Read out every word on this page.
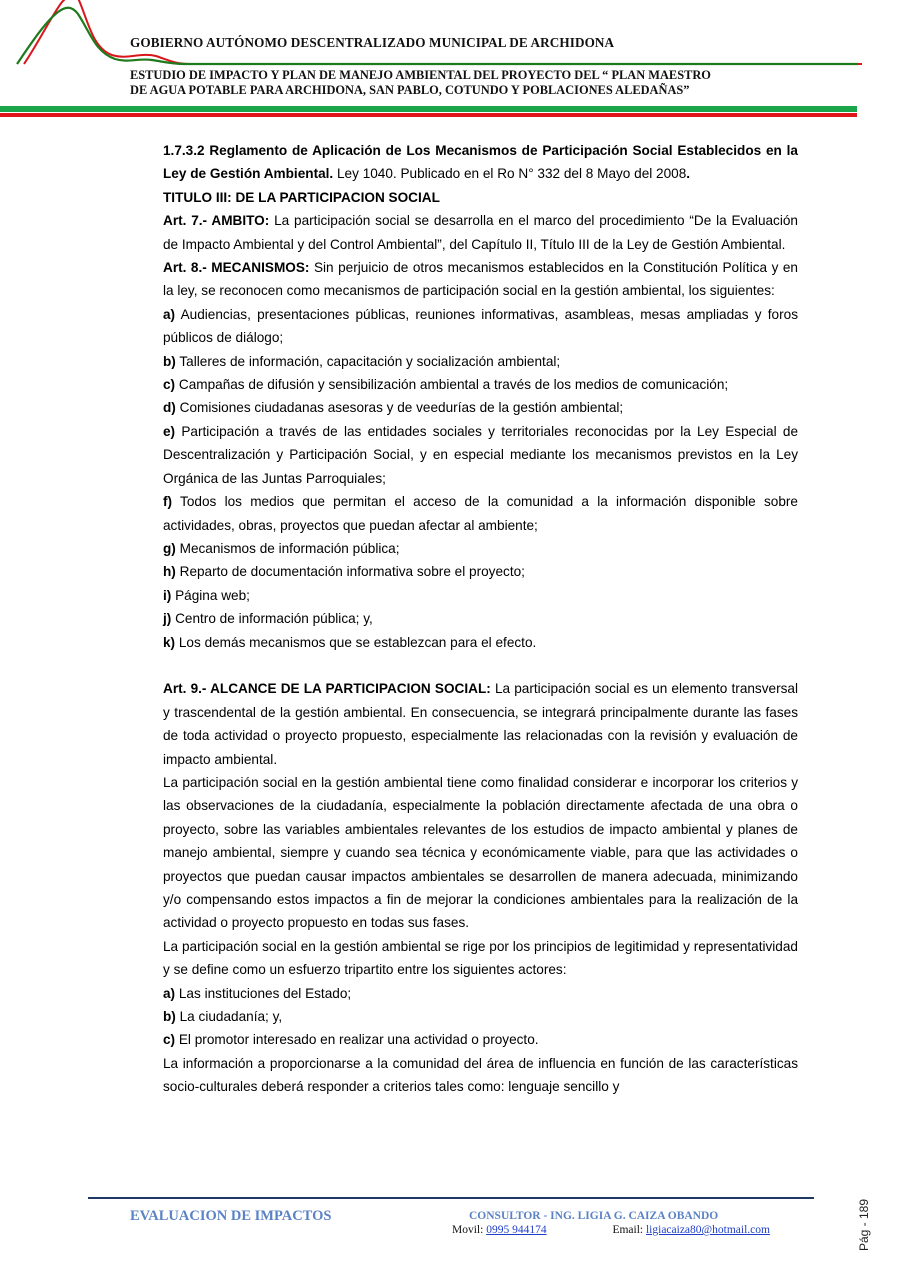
GOBIERNO AUTÓNOMO DESCENTRALIZADO MUNICIPAL DE ARCHIDONA
ESTUDIO DE IMPACTO Y PLAN DE MANEJO AMBIENTAL DEL PROYECTO DEL “ PLAN MAESTRO
DE AGUA POTABLE PARA ARCHIDONA, SAN PABLO, COTUNDO Y POBLACIONES ALEDAÑAS”

1.7.3.2 Reglamento de Aplicación de Los Mecanismos de Participación Social Establecidos en la Ley de Gestión Ambiental. Ley 1040. Publicado en el Ro N° 332 del 8 Mayo del 2008.

TITULO III: DE LA PARTICIPACION SOCIAL

Art. 7.- AMBITO: La participación social se desarrolla en el marco del procedimiento “De la Evaluación de Impacto Ambiental y del Control Ambiental”, del Capítulo II, Título III de la Ley de Gestión Ambiental.

Art. 8.- MECANISMOS: Sin perjuicio de otros mecanismos establecidos en la Constitución Política y en la ley, se reconocen como mecanismos de participación social en la gestión ambiental, los siguientes:

a) Audiencias, presentaciones públicas, reuniones informativas, asambleas, mesas ampliadas y foros públicos de diálogo;

b) Talleres de información, capacitación y socialización ambiental;

c) Campañas de difusión y sensibilización ambiental a través de los medios de comunicación;

d) Comisiones ciudadanas asesoras y de veedurías de la gestión ambiental;

e) Participación a través de las entidades sociales y territoriales reconocidas por la Ley Especial de Descentralización y Participación Social, y en especial mediante los mecanismos previstos en la Ley Orgánica de las Juntas Parroquiales;

f) Todos los medios que permitan el acceso de la comunidad a la información disponible sobre actividades, obras, proyectos que puedan afectar al ambiente;

g) Mecanismos de información pública;

h) Reparto de documentación informativa sobre el proyecto;

i) Página web;

j) Centro de información pública; y,

k) Los demás mecanismos que se establezcan para el efecto.

Art. 9.- ALCANCE DE LA PARTICIPACION SOCIAL: La participación social es un elemento transversal y trascendental de la gestión ambiental. En consecuencia, se integrará principalmente durante las fases de toda actividad o proyecto propuesto, especialmente las relacionadas con la revisión y evaluación de impacto ambiental.

La participación social en la gestión ambiental tiene como finalidad considerar e incorporar los criterios y las observaciones de la ciudadanía, especialmente la población directamente afectada de una obra o proyecto, sobre las variables ambientales relevantes de los estudios de impacto ambiental y planes de manejo ambiental, siempre y cuando sea técnica y económicamente viable, para que las actividades o proyectos que puedan causar impactos ambientales se desarrollen de manera adecuada, minimizando y/o compensando estos impactos a fin de mejorar la condiciones ambientales para la realización de la actividad o proyecto propuesto en todas sus fases.

La participación social en la gestión ambiental se rige por los principios de legitimidad y representatividad y se define como un esfuerzo tripartito entre los siguientes actores:

a) Las instituciones del Estado;

b) La ciudadanía; y,

c) El promotor interesado en realizar una actividad o proyecto.

La información a proporcionarse a la comunidad del área de influencia en función de las características socio-culturales deberá responder a criterios tales como: lenguaje sencillo y

EVALUACION DE IMPACTOS	CONSULTOR - ING. LIGIA G. CAIZA OBANDO
Movil: 0995 944174	Email: ligiacaiza80@hotmail.com	Pág - 189
